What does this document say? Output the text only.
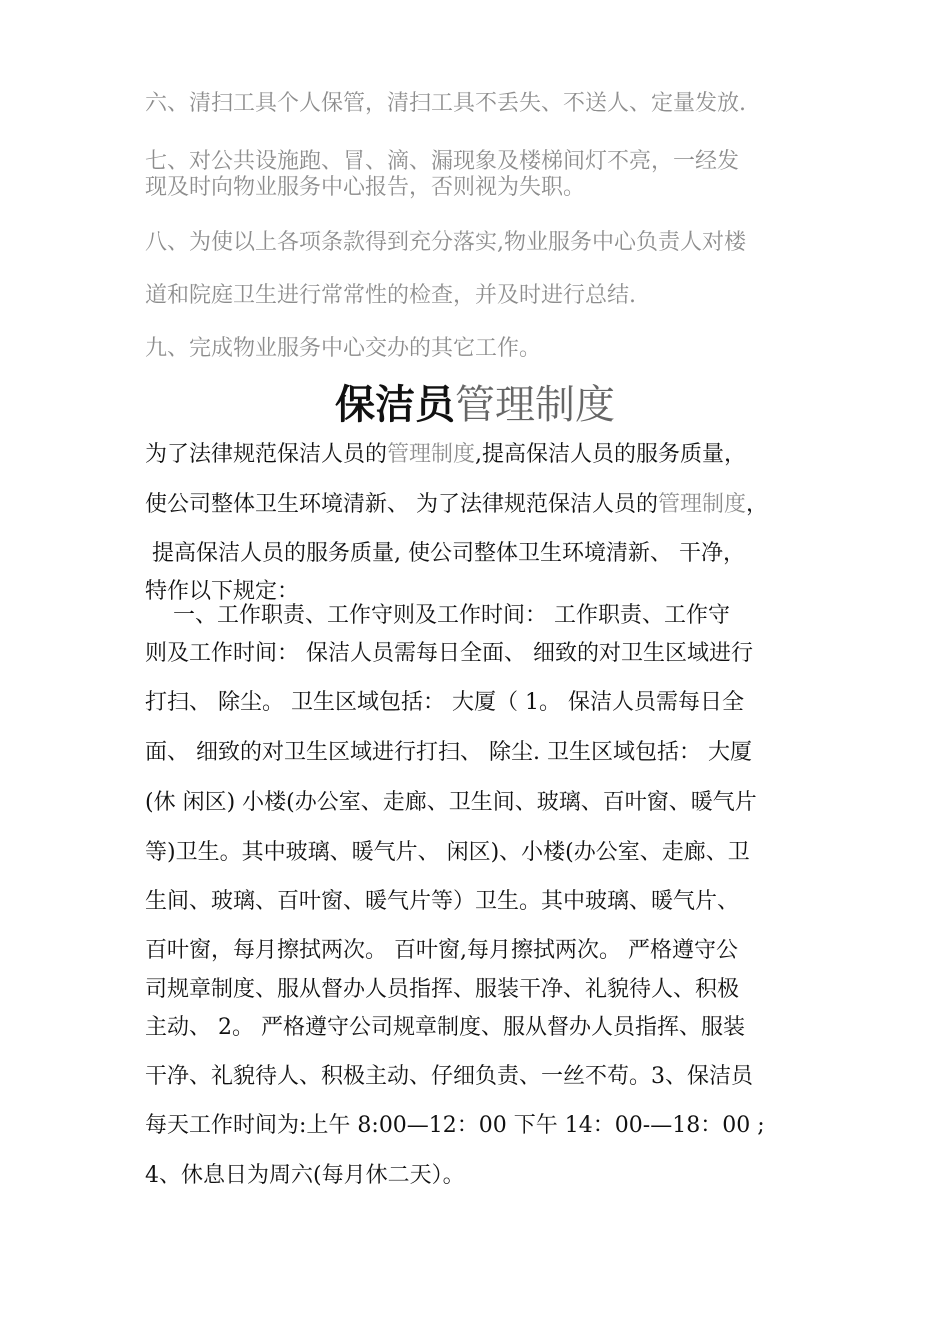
六、清扫工具个人保管，清扫工具不丢失、不送人、定量发放.

七、对公共设施跑、冒、滴、漏现象及楼梯间灯不亮，一经发

现及时向物业服务中心报告，否则视为失职。

八、为使以上各项条款得到充分落实,物业服务中心负责人对楼

道和院庭卫生进行常常性的检查，并及时进行总结.

九、完成物业服务中心交办的其它工作。

保洁员管理制度

为了法律规范保洁人员的管理制度,提高保洁人员的服务质量，

使公司整体卫生环境清新、 为了法律规范保洁人员的管理制度，

提高保洁人员的服务质量, 使公司整体卫生环境清新、 干净，

特作以下规定：

一、工作职责、工作守则及工作时间： 工作职责、工作守

则及工作时间： 保洁人员需每日全面、 细致的对卫生区域进行

打扫、 除尘。 卫生区域包括： 大厦（ 1。 保洁人员需每日全

面、 细致的对卫生区域进行打扫、 除尘. 卫生区域包括： 大厦

(休 闲区) 小楼(办公室、走廊、卫生间、玻璃、百叶窗、暖气片

等)卫生。其中玻璃、暖气片、 闲区)、小楼(办公室、走廊、卫

生间、玻璃、百叶窗、暖气片等）卫生。其中玻璃、暖气片、

百叶窗，每月擦拭两次。 百叶窗,每月擦拭两次。 严格遵守公

司规章制度、服从督办人员指挥、服装干净、礼貌待人、积极

主动、 2。 严格遵守公司规章制度、服从督办人员指挥、服装

干净、礼貌待人、积极主动、仔细负责、一丝不苟。3、保洁员

每天工作时间为:上午 8:00—12：00 下午 14：00-—18：00 ;

4、休息日为周六(每月休二天）。
